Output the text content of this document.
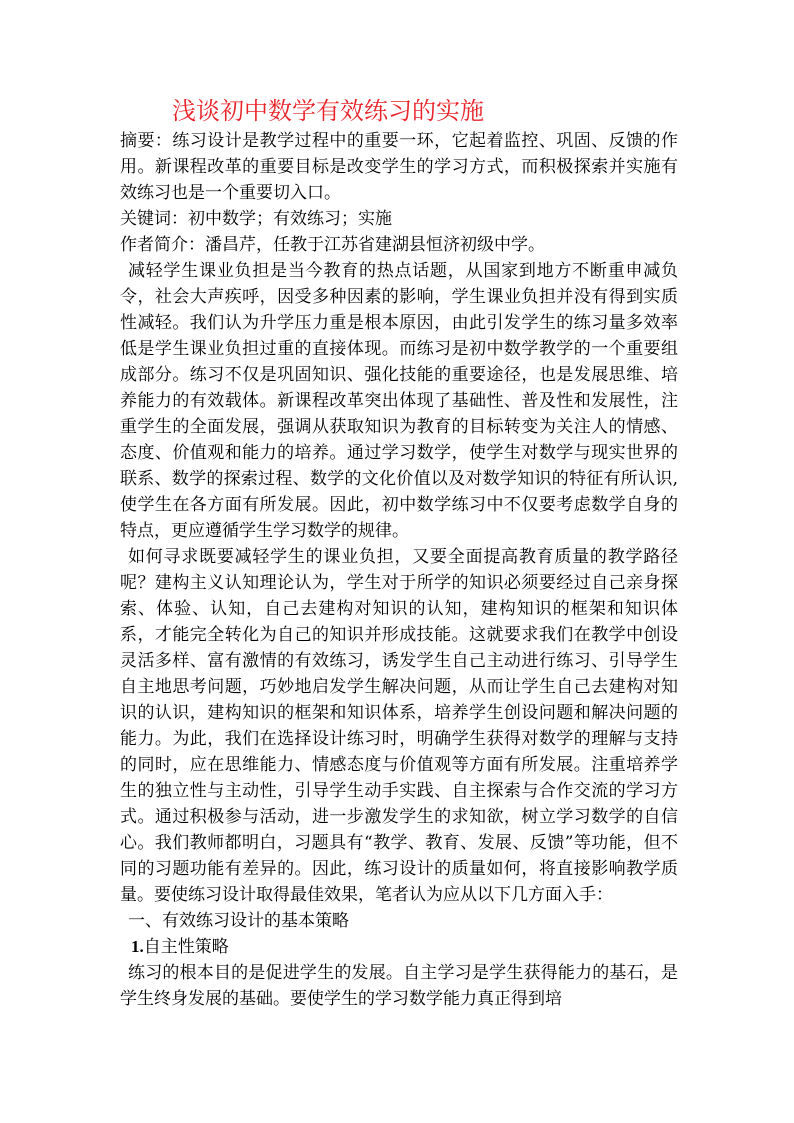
浅谈初中数学有效练习的实施

摘要：练习设计是教学过程中的重要一环，它起着监控、巩固、反馈的作用。新课程改革的重要目标是改变学生的学习方式，而积极探索并实施有效练习也是一个重要切入口。

关键词：初中数学；有效练习；实施

作者简介：潘昌芹，任教于江苏省建湖县恒济初级中学。

减轻学生课业负担是当今教育的热点话题，从国家到地方不断重申减负令，社会大声疾呼，因受多种因素的影响，学生课业负担并没有得到实质性减轻。我们认为升学压力重是根本原因，由此引发学生的练习量多效率低是学生课业负担过重的直接体现。而练习是初中数学教学的一个重要组成部分。练习不仅是巩固知识、强化技能的重要途径，也是发展思维、培养能力的有效载体。新课程改革突出体现了基础性、普及性和发展性，注重学生的全面发展，强调从获取知识为教育的目标转变为关注人的情感、态度、价值观和能力的培养。通过学习数学，使学生对数学与现实世界的联系、数学的探索过程、数学的文化价值以及对数学知识的特征有所认识,使学生在各方面有所发展。因此，初中数学练习中不仅要考虑数学自身的特点，更应遵循学生学习数学的规律。

如何寻求既要减轻学生的课业负担，又要全面提高教育质量的教学路径呢？建构主义认知理论认为，学生对于所学的知识必须要经过自己亲身探索、体验、认知，自己去建构对知识的认知，建构知识的框架和知识体系，才能完全转化为自己的知识并形成技能。这就要求我们在教学中创设灵活多样、富有激情的有效练习，诱发学生自己主动进行练习、引导学生自主地思考问题，巧妙地启发学生解决问题，从而让学生自己去建构对知识的认识，建构知识的框架和知识体系，培养学生创设问题和解决问题的能力。为此，我们在选择设计练习时，明确学生获得对数学的理解与支持的同时，应在思维能力、情感态度与价值观等方面有所发展。注重培养学生的独立性与主动性，引导学生动手实践、自主探索与合作交流的学习方式。通过积极参与活动，进一步激发学生的求知欲，树立学习数学的自信心。我们教师都明白，习题具有“教学、教育、发展、反馈”等功能，但不同的习题功能有差异的。因此，练习设计的质量如何，将直接影响教学质量。要使练习设计取得最佳效果，笔者认为应从以下几方面入手：

一、有效练习设计的基本策略

1.自主性策略

练习的根本目的是促进学生的发展。自主学习是学生获得能力的基石，是学生终身发展的基础。要使学生的学习数学能力真正得到培
